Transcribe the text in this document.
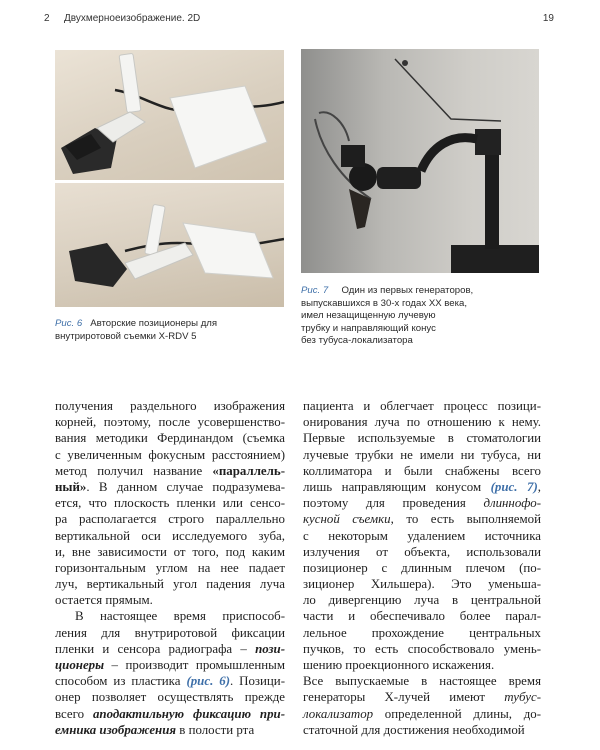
2 Двухмерноеизображение. 2D	19
Рис. 6 Авторские позиционеры для
внутриротовой съемки X-RDV 5
Рис. 7 Один из первых генераторов,
выпускавшихся в 30-х годах XX века,
имел незащищенную лучевую
трубку и направляющий конус
без тубуса-локализатора
получения раздельного изображения
корней, поэтому, после усовершенство-
вания методики Фердинандом (съемка
с увеличенным фокусным расстоянием)
метод получил название «параллель-
ный». В данном случае подразумева-
ется, что плоскость пленки или сенсо-
ра располагается строго параллельно
вертикальной оси исследуемого зуба,
и, вне зависимости от того, под каким
горизонтальным углом на нее падает
луч, вертикальный угол падения луча
остается прямым.
В настоящее время приспособ-
ления для внутриротовой фиксации
пленки и сенсора радиографа – пози-
ционеры – производит промышленным
способом из пластика (рис. 6). Позици-
онер позволяет осуществлять прежде
всего аподактильную фиксацию при-
емника изображения в полости рта
пациента и облегчает процесс позици-
онирования луча по отношению к нему.
Первые используемые в стоматологии
лучевые трубки не имели ни тубуса, ни
коллиматора и были снабжены всего
лишь направляющим конусом (рис. 7),
поэтому для проведения длиннофо-
кусной съемки, то есть выполняемой
с некоторым удалением источника
излучения от объекта, использовали
позиционер с длинным плечом (по-
зиционер Хильшера). Это уменьша-
ло дивергенцию луча в центральной
части и обеспечивало более парал-
лельное прохождение центральных
пучков, то есть способствовало умень-
шению проекционного искажения.
Все выпускаемые в настоящее время
генераторы Х-лучей имеют тубус-
локализатор определенной длины, до-
статочной для достижения необходимой
